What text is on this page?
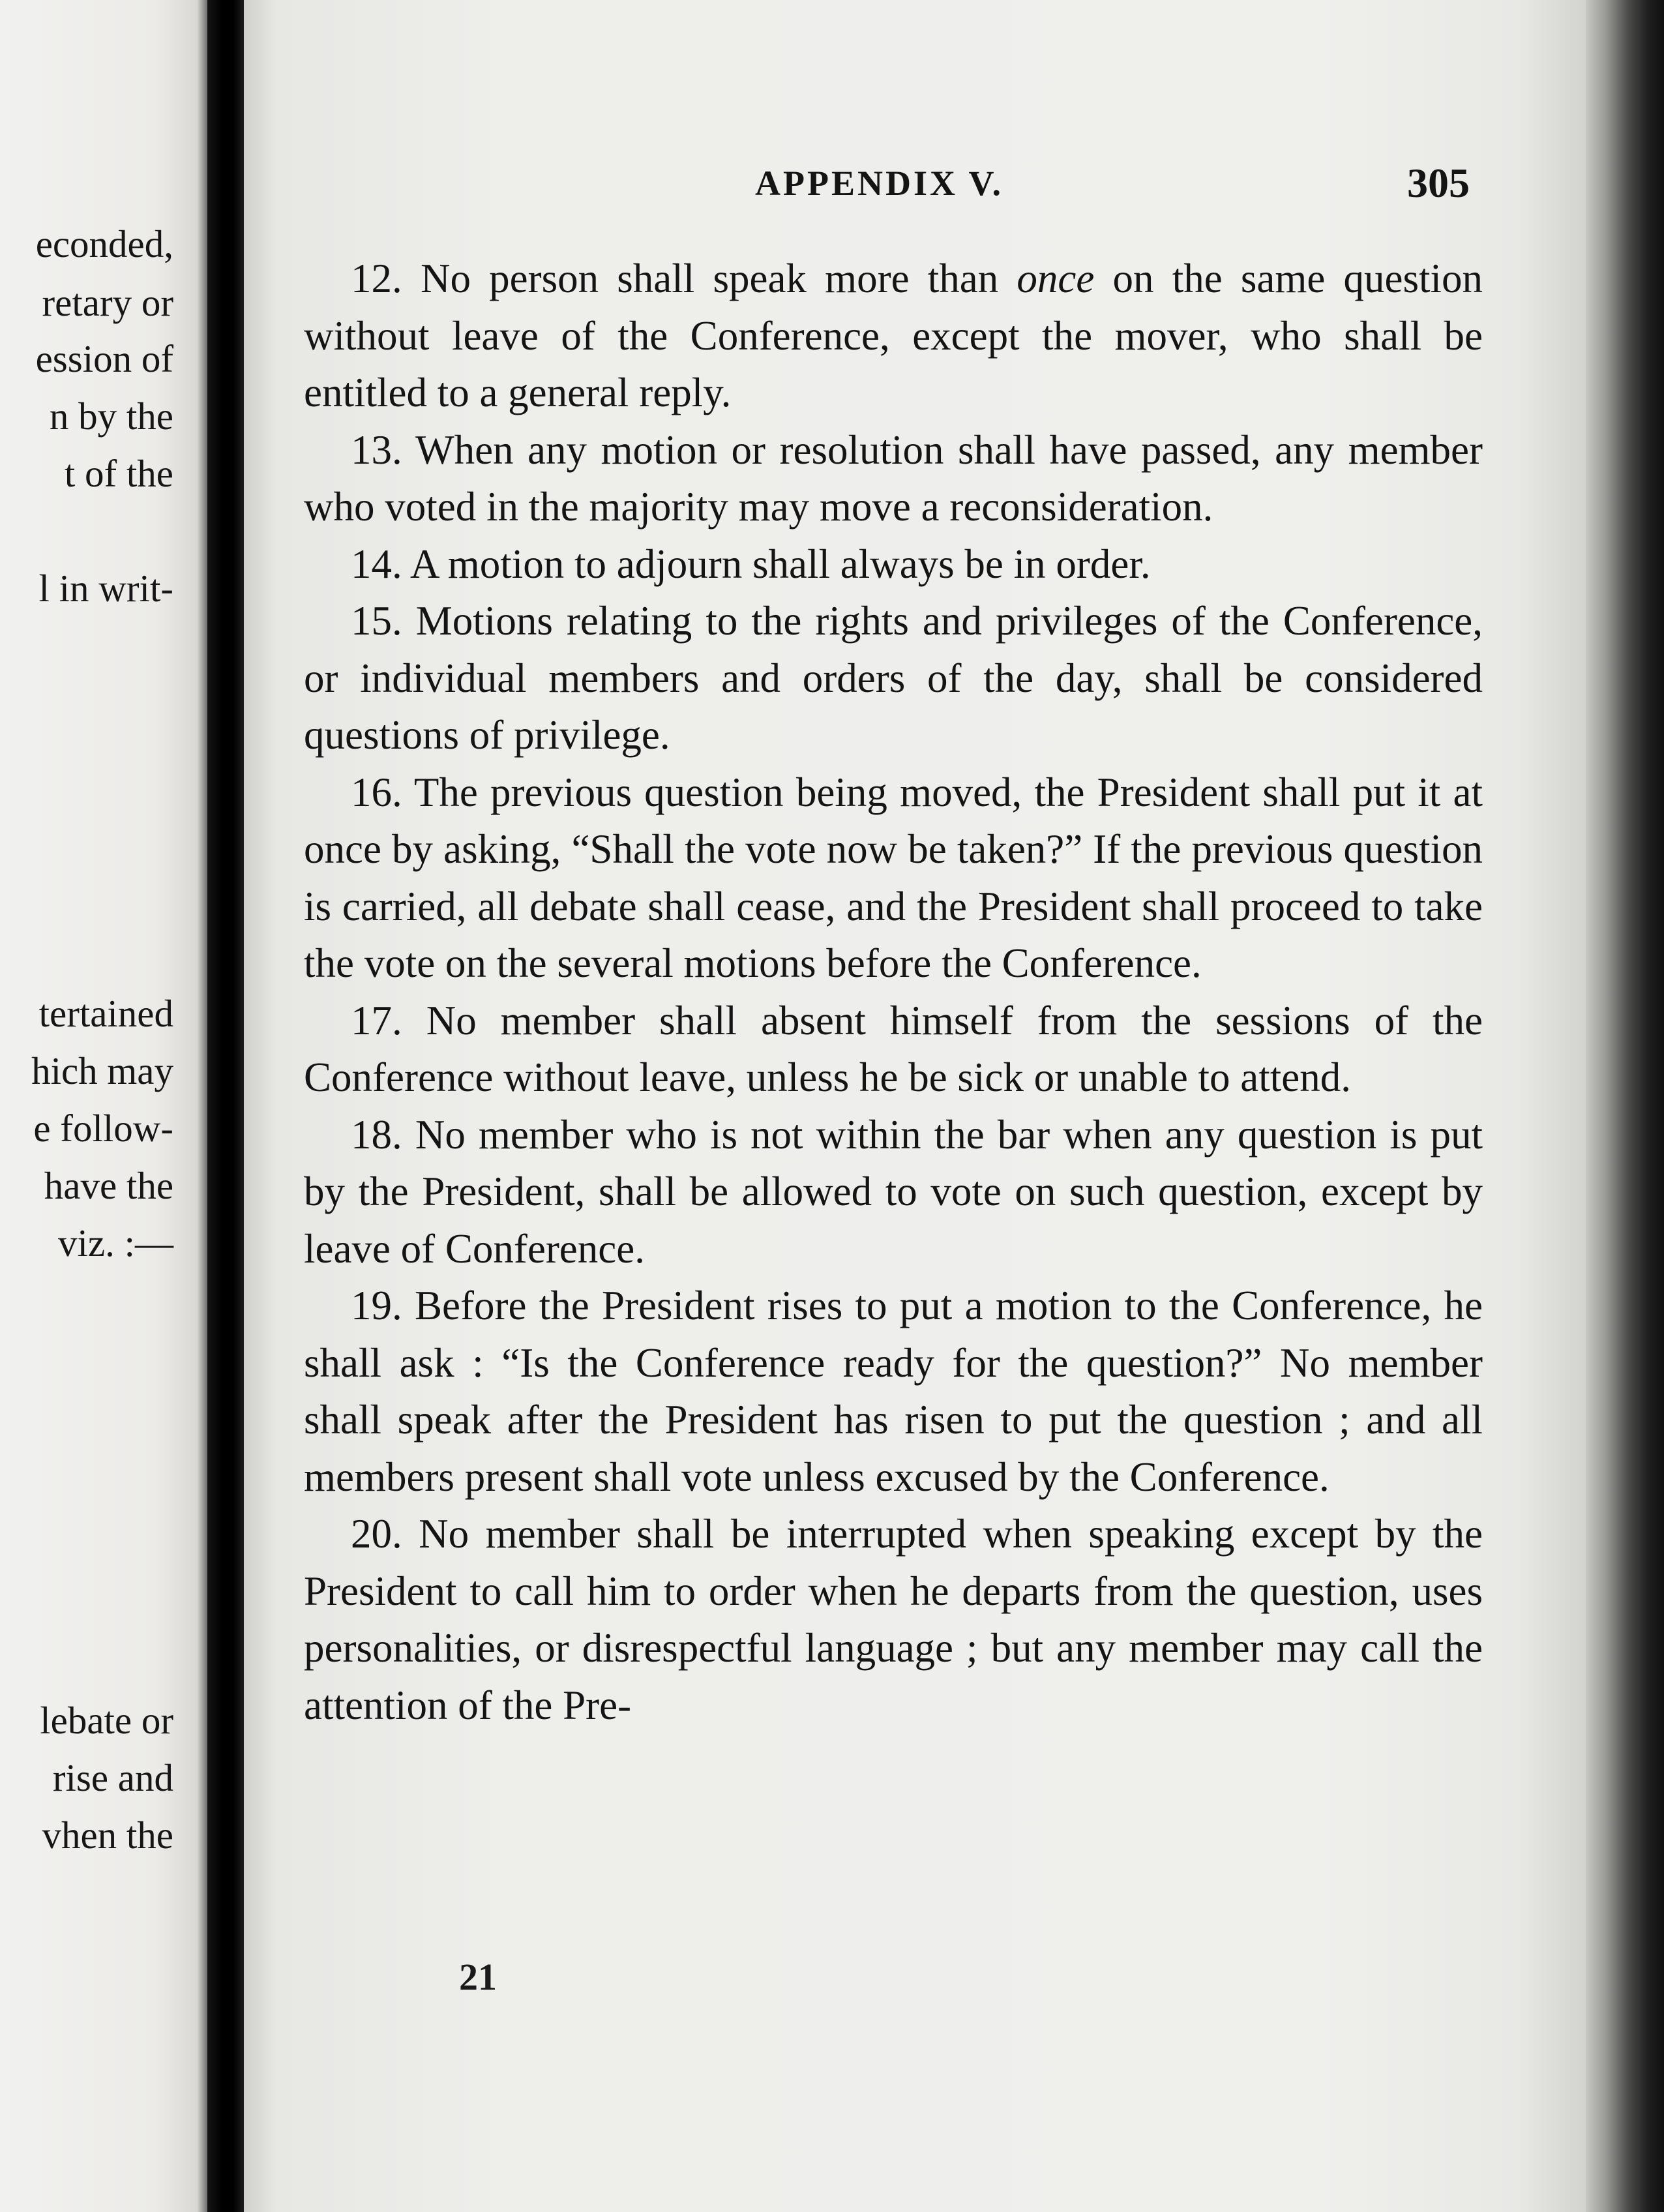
econded,

retary or

ession of

n by the

t of the

l in writ-

tertained

hich may

e follow-

have the

viz. :—

lebate or

rise and

vhen the

APPENDIX V.	305

12. No person shall speak more than once on the same question without leave of the Conference, except the mover, who shall be entitled to a general reply.

13. When any motion or resolution shall have passed, any member who voted in the majority may move a reconsideration.

14. A motion to adjourn shall always be in order.

15. Motions relating to the rights and privileges of the Conference, or individual members and orders of the day, shall be considered questions of privilege.

16. The previous question being moved, the President shall put it at once by asking, “Shall the vote now be taken?” If the previous question is carried, all debate shall cease, and the President shall proceed to take the vote on the several motions before the Conference.

17. No member shall absent himself from the sessions of the Conference without leave, unless he be sick or unable to attend.

18. No member who is not within the bar when any question is put by the President, shall be allowed to vote on such question, except by leave of Conference.

19. Before the President rises to put a motion to the Conference, he shall ask : “Is the Conference ready for the question?” No member shall speak after the President has risen to put the question ; and all members present shall vote unless excused by the Conference.

20. No member shall be interrupted when speaking except by the President to call him to order when he departs from the question, uses personalities, or disrespectful language ; but any member may call the attention of the Pre-

21
